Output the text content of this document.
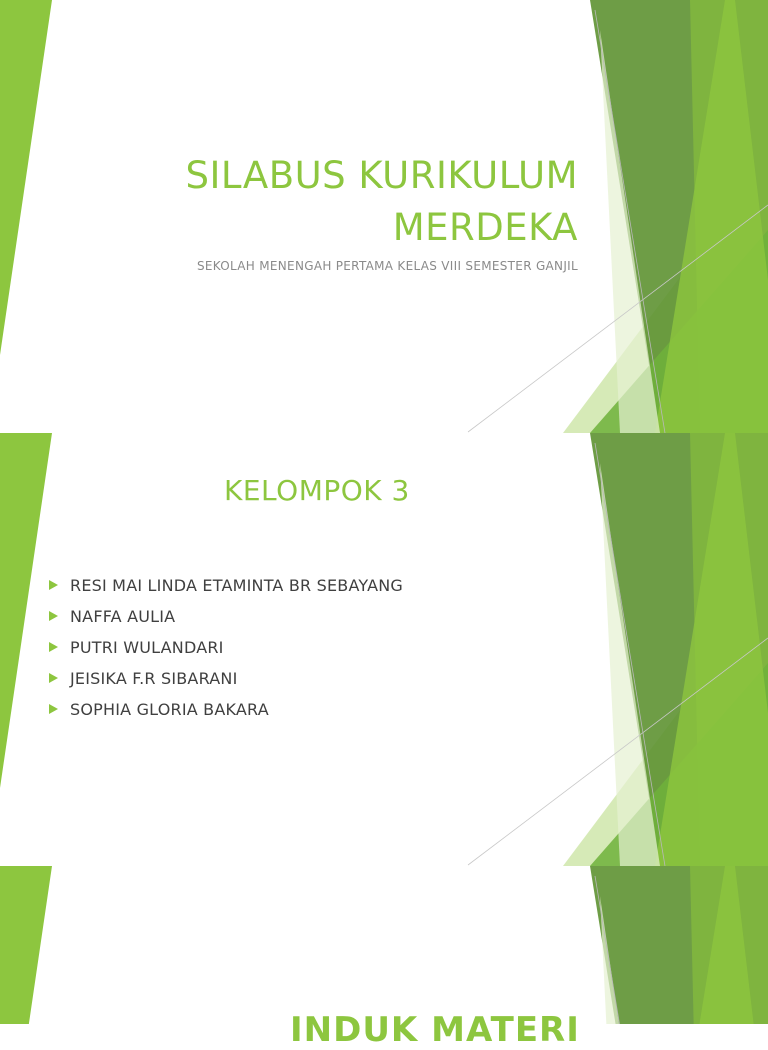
SILABUS KURIKULUM
MERDEKA
SEKOLAH MENENGAH PERTAMA KELAS VIII SEMESTER GANJIL
KELOMPOK 3
RESI MAI LINDA ETAMINTA BR SEBAYANG
NAFFA AULIA
PUTRI WULANDARI
JEISIKA F.R SIBARANI
SOPHIA GLORIA BAKARA
INDUK MATERI
